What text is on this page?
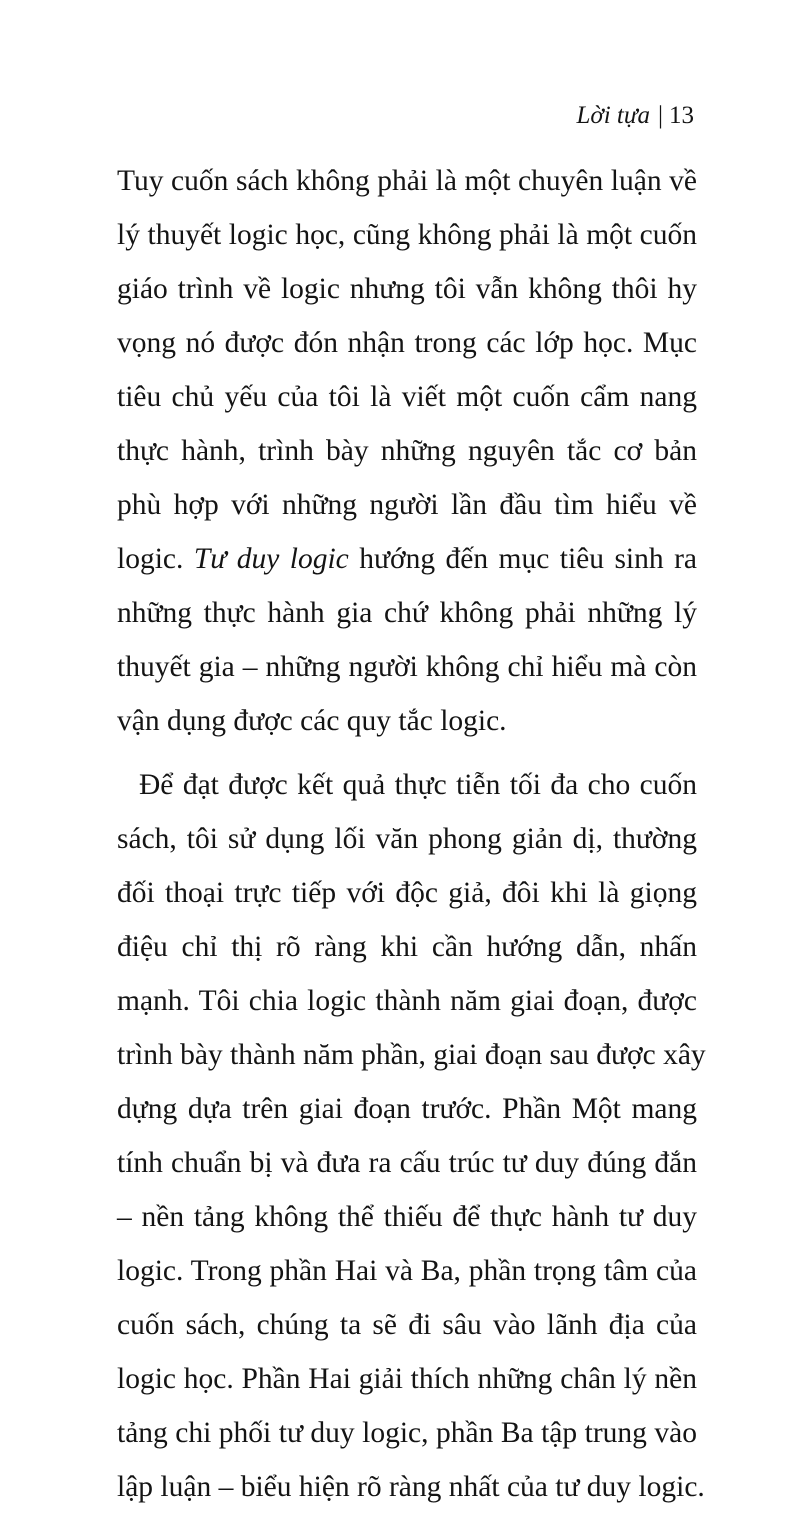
Lời tựa | 13
Tuy cuốn sách không phải là một chuyên luận về
lý thuyết logic học, cũng không phải là một cuốn
giáo trình về logic nhưng tôi vẫn không thôi hy
vọng nó được đón nhận trong các lớp học. Mục
tiêu chủ yếu của tôi là viết một cuốn cẩm nang
thực hành, trình bày những nguyên tắc cơ bản
phù hợp với những người lần đầu tìm hiểu về
logic. Tư duy logic hướng đến mục tiêu sinh ra
những thực hành gia chứ không phải những lý
thuyết gia – những người không chỉ hiểu mà còn
vận dụng được các quy tắc logic.
Để đạt được kết quả thực tiễn tối đa cho cuốn
sách, tôi sử dụng lối văn phong giản dị, thường
đối thoại trực tiếp với độc giả, đôi khi là giọng
điệu chỉ thị rõ ràng khi cần hướng dẫn, nhấn
mạnh. Tôi chia logic thành năm giai đoạn, được
trình bày thành năm phần, giai đoạn sau được xây
dựng dựa trên giai đoạn trước. Phần Một mang
tính chuẩn bị và đưa ra cấu trúc tư duy đúng đắn
– nền tảng không thể thiếu để thực hành tư duy
logic. Trong phần Hai và Ba, phần trọng tâm của
cuốn sách, chúng ta sẽ đi sâu vào lãnh địa của
logic học. Phần Hai giải thích những chân lý nền
tảng chi phối tư duy logic, phần Ba tập trung vào
lập luận – biểu hiện rõ ràng nhất của tư duy logic.
